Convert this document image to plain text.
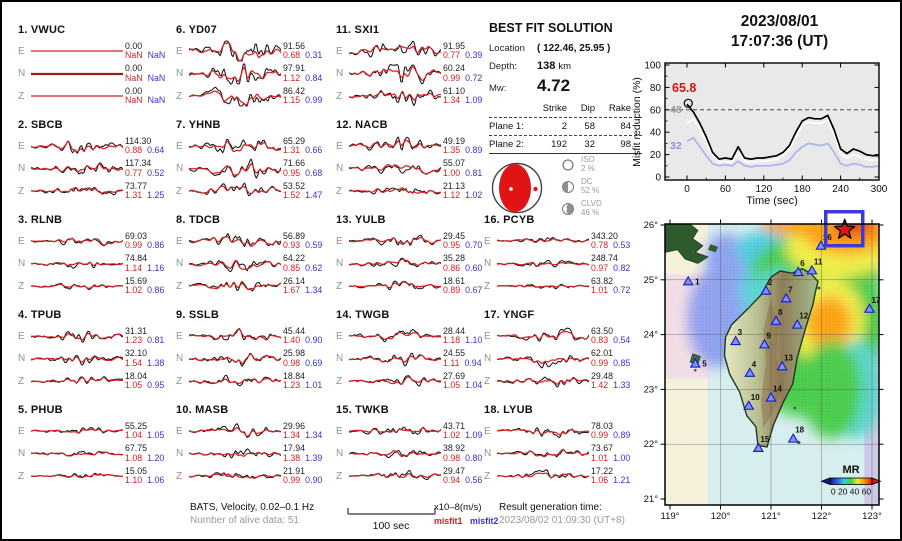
1. VWUC
E	0.00
NaN NaN
N	0.00
NaN NaN
Z	0.00
NaN NaN
2. SBCB
E	114.30
0.88 0.64
N	117.34
0.77 0.52
Z	73.77
1.31 1.25
3. RLNB
E	69.03
0.99 0.86
N	74.84
1.14 1.16
Z	15.69
1.02 0.86
4. TPUB
E	31.31
1.23 0.81
N	32.10
1.54 1.38
Z	18.04
1.05 0.95
5. PHUB
E	55.25
1.04 1.05
N	67.75
1.08 1.20
Z	15.05
1.10 1.06
6. YD07
E	91.56
0.68 0.31
N	97.91
1.12 0.84
Z	86.42
1.15 0.99
7. YHNB
E	65.29
1.31 0.66
N	71.66
0.95 0.68
Z	53.52
1.52 1.47
8. TDCB
E	56.89
0.93 0.59
N	64.22
0.85 0.62
Z	26.14
1.67 1.34
9. SSLB
E	45.44
1.40 0.90
N	25.98
0.98 0.69
Z	18.84
1.23 1.01
10. MASB
E	29.96
1.34 1.34
N	17.94
1.38 1.39
Z	21.91
0.99 0.90
11. SXI1
E	91.95
0.77 0.39
N	60.24
0.99 0.72
Z	61.10
1.34 1.09
12. NACB
E	49.19
1.35 0.89
N	55.07
1.00 0.81
Z	21.13
1.12 1.02
13. YULB
E	29.45
0.95 0.70
N	35.28
0.86 0.60
Z	18.61
0.89 0.67
14. TWGB
E	28.44
1.18 1.10
N	24.55
1.11 0.94
Z	27.69
1.05 1.04
15. TWKB
E	43.71
1.02 1.09
N	38.92
0.98 0.80
Z	29.47
0.94 0.56
16. PCYB
E	343.20
0.78 0.53
N	248.74
0.97 0.82
Z	63.82
1.01 0.72
17. YNGF
E	63.50
0.83 0.54
N	62.01
0.99 0.85
Z	29.48
1.42 1.33
18. LYUB
E	78.03
0.99 0.89
N	73.67
1.01 1.00
Z	17.22
1.06 1.21
BEST FIT SOLUTION
Location	( 122.46, 25.95 )
Depth:	138 km
Mw:	4.72
Strike	Dip	Rake
Plane 1:	2	58	84
Plane 2:	192	32	98
ISO
2 %
DC
52 %
CLVD
46 %
2023/08/01
17:07:36 (UT)
0	60 120 180 240 300
0
20
40
60
80
100
Time (sec)
Misfit reduction (%) 65.8
48
32
1	2
3
4
5
6
7
8
9
10
11
12
13
14
15
16
17
18
MR
0 20 40 60
119°	120°	121°	122°	123°
26°
25°
24°
23°
22°
21°
BATS, Velocity, 0.02–0.1 Hz
Number of alive data: 51	100 sec
x10–8(m/s)
misfit1 misfit2
Result generation time:
2023/08/02 01:09:30 (UT+8)
